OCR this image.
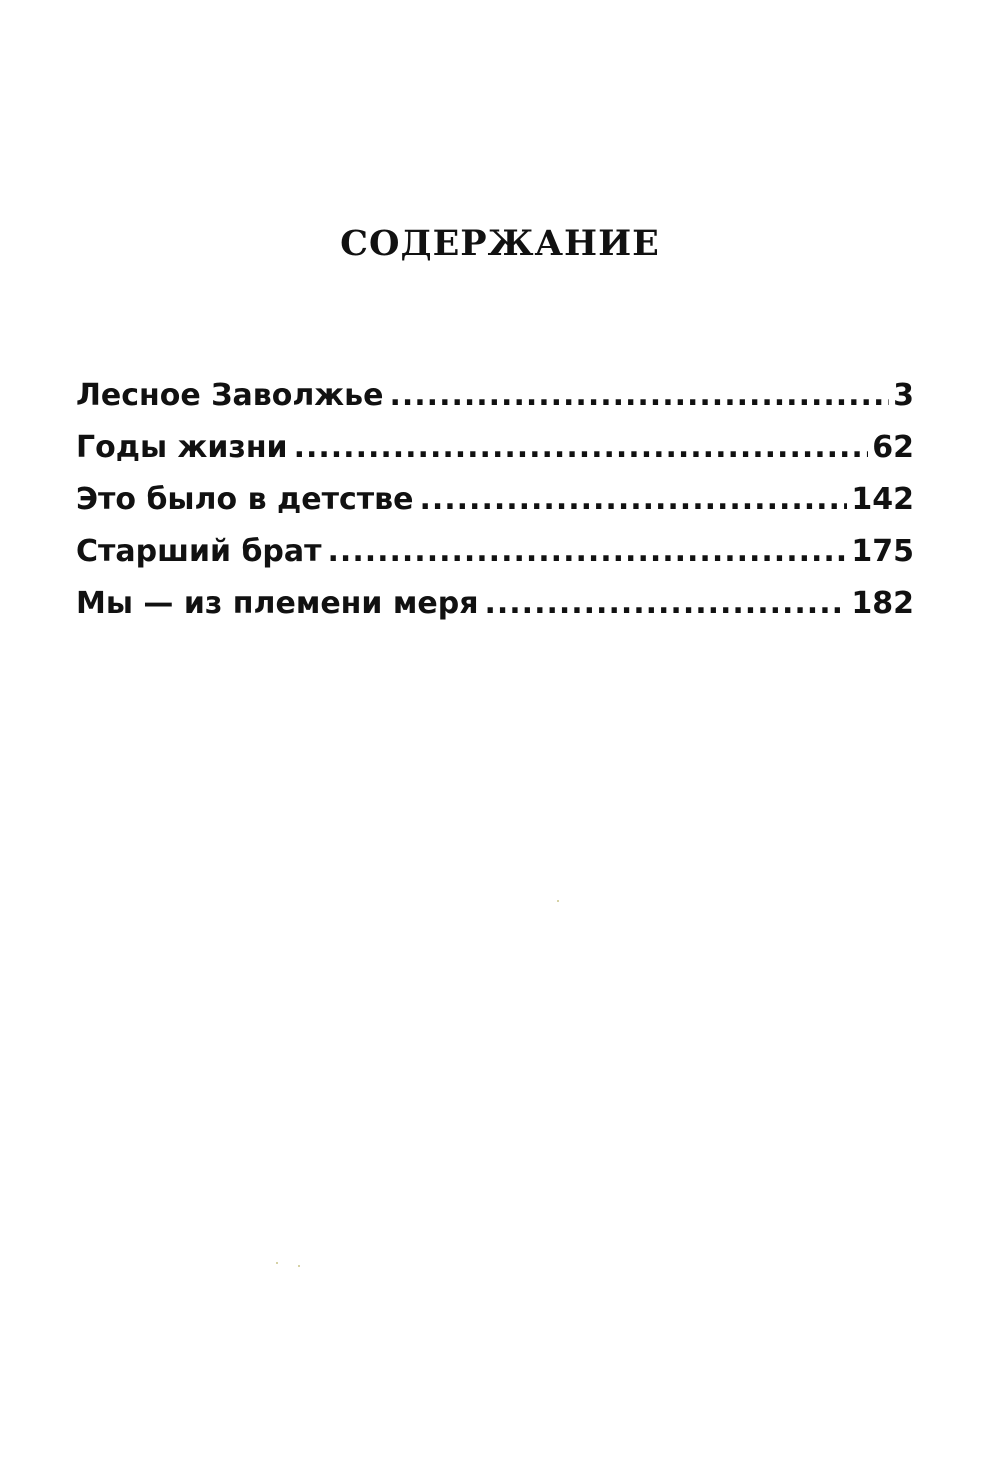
содержание
Лесное Заволжье .....	3
Годы жизни .....	62
Это было в детстве .....	142
Старший брат .....	175
Мы — из племени меря .....	182
